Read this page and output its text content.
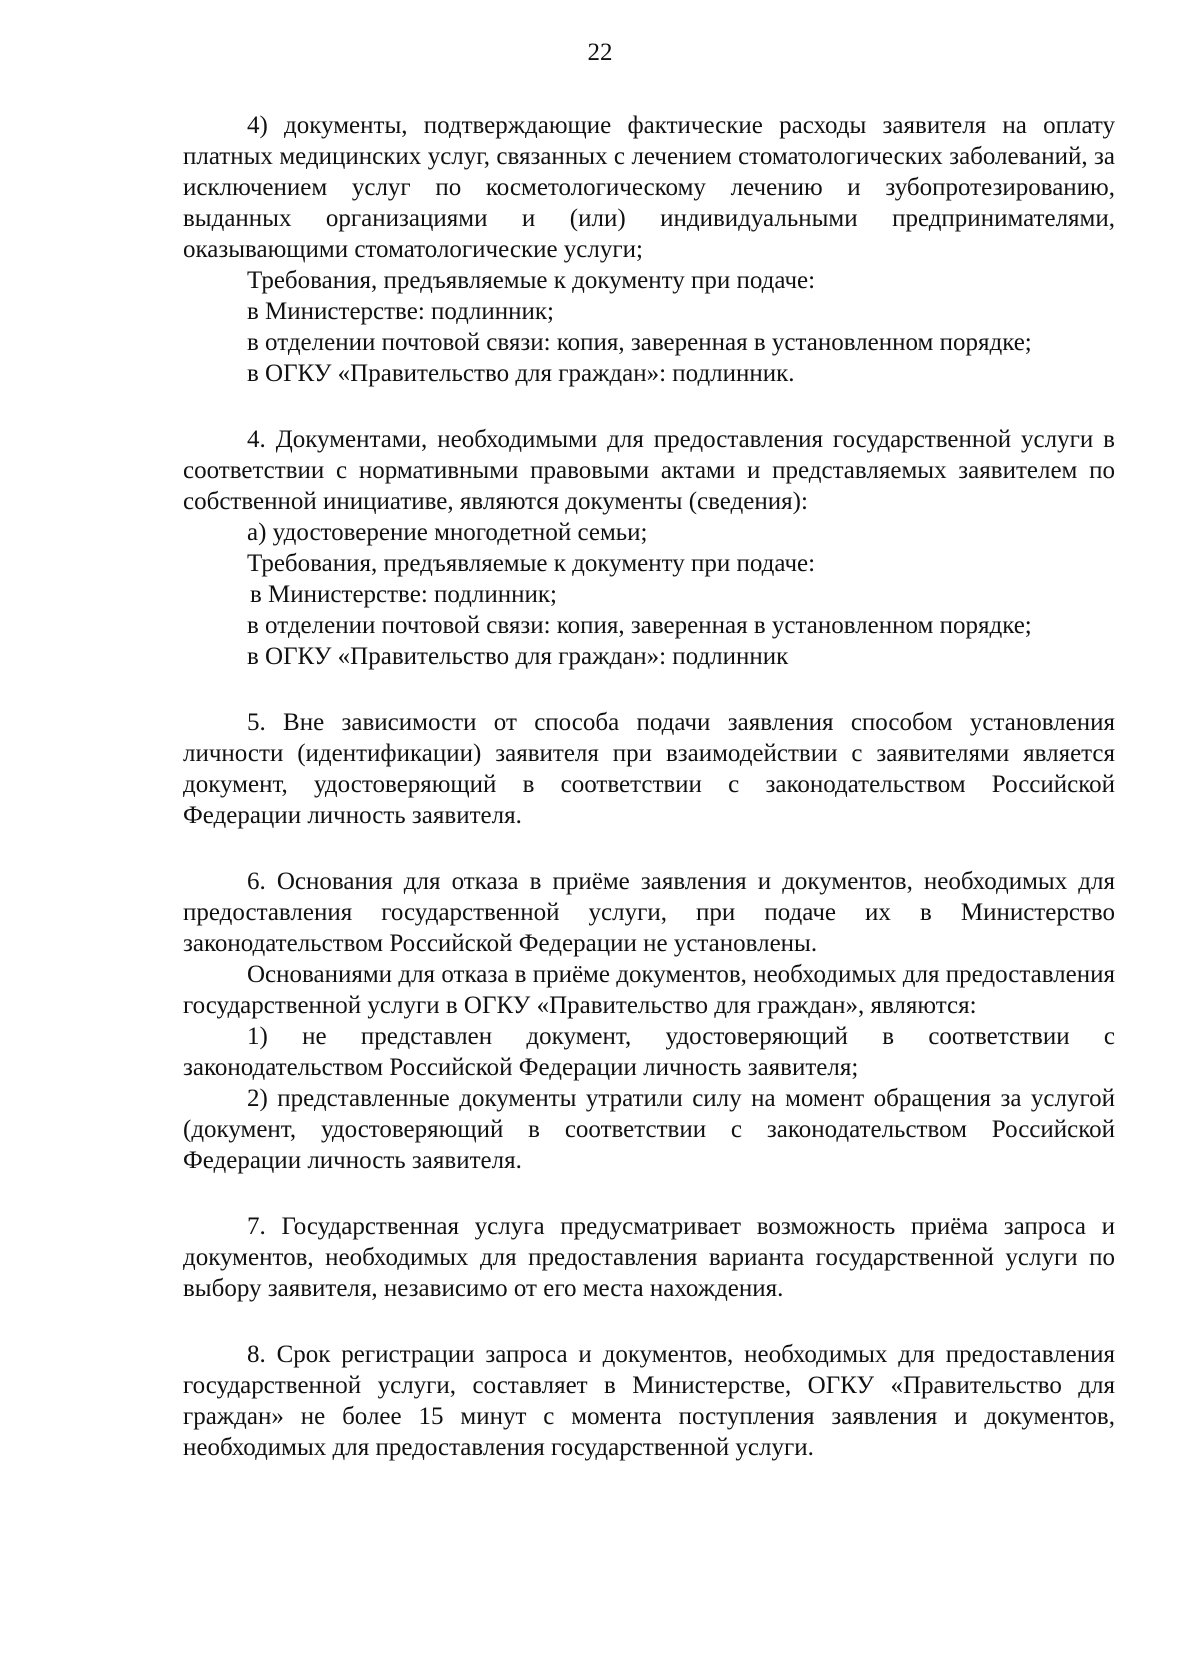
22

4) документы, подтверждающие фактические расходы заявителя на оплату платных медицинских услуг, связанных с лечением стоматологических заболеваний, за исключением услуг по косметологическому лечению и зубопротезированию, выданных организациями и (или) индивидуальными предпринимателями, оказывающими стоматологические услуги;

Требования, предъявляемые к документу при подаче:

в Министерстве: подлинник;

в отделении почтовой связи: копия, заверенная в установленном порядке;

в ОГКУ «Правительство для граждан»: подлинник.

4. Документами, необходимыми для предоставления государственной услуги в соответствии с нормативными правовыми актами и представляемых заявителем по собственной инициативе, являются документы (сведения):

а) удостоверение многодетной семьи;

Требования, предъявляемые к документу при подаче:

в Министерстве: подлинник;

в отделении почтовой связи: копия, заверенная в установленном порядке;

в ОГКУ «Правительство для граждан»: подлинник

5. Вне зависимости от способа подачи заявления способом установления личности (идентификации) заявителя при взаимодействии с заявителями является документ, удостоверяющий в соответствии с законодательством Российской Федерации личность заявителя.

6. Основания для отказа в приёме заявления и документов, необходимых для предоставления государственной услуги, при подаче их в Министерство законодательством Российской Федерации не установлены.

Основаниями для отказа в приёме документов, необходимых для предоставления государственной услуги в ОГКУ «Правительство для граждан», являются:

1) не представлен документ, удостоверяющий в соответствии с законодательством Российской Федерации личность заявителя;

2) представленные документы утратили силу на момент обращения за услугой (документ, удостоверяющий в соответствии с законодательством Российской Федерации личность заявителя.

7. Государственная услуга предусматривает возможность приёма запроса и документов, необходимых для предоставления варианта государственной услуги по выбору заявителя, независимо от его места нахождения.

8. Срок регистрации запроса и документов, необходимых для предоставления государственной услуги, составляет в Министерстве, ОГКУ «Правительство для граждан» не более 15 минут с момента поступления заявления и документов, необходимых для предоставления государственной услуги.
